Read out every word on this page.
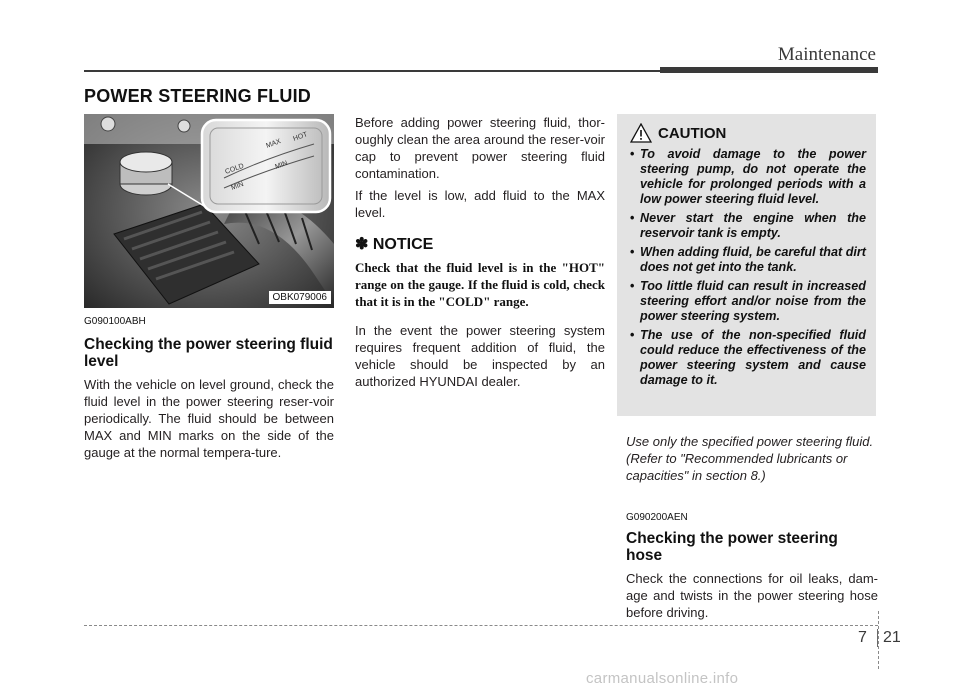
Maintenance
POWER STEERING FLUID
MAX
HOT
COLD	MIN
MIN
OBK079006
G090100ABH
Checking the power steering fluid level
With the vehicle on level ground, check the fluid level in the power steering reser-voir periodically. The fluid should be between MAX and MIN marks on the side of the gauge at the normal tempera-ture.

Before adding power steering fluid, thor-oughly clean the area around the reser-voir cap to prevent power steering fluid contamination.

If the level is low, add fluid to the MAX level.

✽ NOTICE
Check that the fluid level is in the "HOT" range on the gauge. If the fluid is cold, check that it is in the "COLD" range.

In the event the power steering system requires frequent addition of fluid, the vehicle should be inspected by an authorized HYUNDAI dealer.

CAUTION
• To avoid damage to the power steering pump, do not operate the vehicle for prolonged periods with a low power steering fluid level.
• Never start the engine when the reservoir tank is empty.
• When adding fluid, be careful that dirt does not get into the tank.
• Too little fluid can result in increased steering effort and/or noise from the power steering system.
• The use of the non-specified fluid could reduce the effectiveness of the power steering system and cause damage to it.
Use only the specified power steering fluid. (Refer to "Recommended lubricants or capacities" in section 8.)
G090200AEN
Checking the power steering hose
Check the connections for oil leaks, dam-age and twists in the power steering hose before driving.
7 21
carmanualsonline.info
